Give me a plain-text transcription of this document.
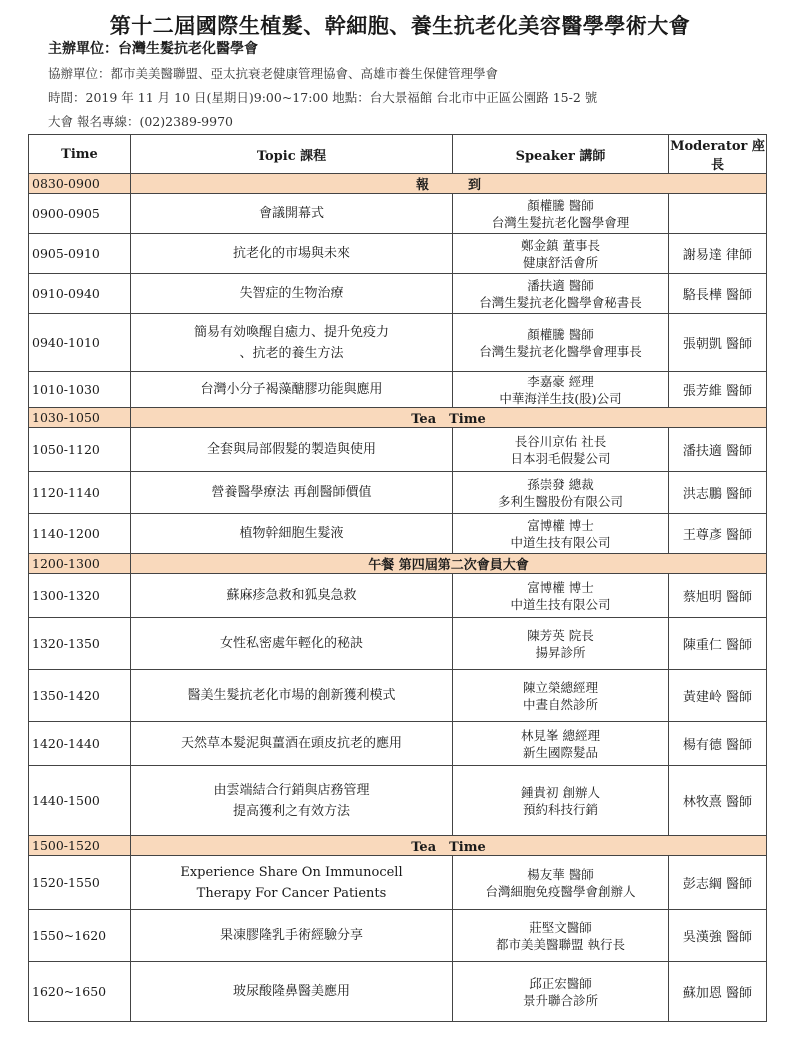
第十二屆國際生植髮、幹細胞、養生抗老化美容醫學學術大會
主辦單位：台灣生髮抗老化醫學會
協辦單位：都市美美醫聯盟、亞太抗衰老健康管理協會、高雄市養生保健管理學會
時間：2019 年 11 月 10 日(星期日)9:00~17:00 地點：台大景福館 台北市中正區公園路 15-2 號
大會 報名專線：(02)2389-9970
Time	Topic 課程	Speaker 講師	Moderator 座長
0830-0900	報　　　到		
0900-0905	會議開幕式	顏權騰 醫師
台灣生髮抗老化醫學會理	

0905-0910	抗老化的市場與未來	鄭金鎮 董事長
健康舒活會所	謝易達 律師
0910-0940	失智症的生物治療	潘扶適 醫師
台灣生髮抗老化醫學會秘書長	駱長樺 醫師
0940-1010	簡易有効喚醒自癒力、提升免疫力
、抗老的養生方法	顏權騰 醫師
台灣生髮抗老化醫學會理事長	張朝凱 醫師
1010-1030	台灣小分子褐藻醣膠功能與應用	李嘉豪 經理
中華海洋生技(股)公司	張芳維 醫師
1030-1050	Tea　Time		
1050-1120	全套與局部假髮的製造與使用	長谷川京佑 社長
日本羽毛假髮公司	潘扶適 醫師
1120-1140	營養醫學療法 再創醫師價值	孫崇發 總裁
多利生醫股份有限公司	洪志鵬 醫師
1140-1200	植物幹細胞生髮液	富博權 博士
中道生技有限公司	王尊彥 醫師
1200-1300	午餐 第四屆第二次會員大會		
1300-1320	蘇麻疹急救和狐臭急救	富博權 博士
中道生技有限公司	蔡旭明 醫師
1320-1350	女性私密處年輕化的秘訣	陳芳英 院長
揚昇診所	陳重仁 醫師
1350-1420	醫美生髮抗老化市場的創新獲利模式	陳立榮總經理
中晝自然診所	黃建岭 醫師
1420-1440	天然草本髮泥與薑酒在頭皮抗老的應用	林見峯 總經理
新生國際髮品	楊有德 醫師
1440-1500	由雲端結合行銷與店務管理
提高獲利之有效方法	鍾貴初 創辦人
預約科技行銷	林牧熹 醫師
1500-1520	Tea　Time		
1520-1550	Experience Share On Immunocell
Therapy For Cancer Patients	楊友華 醫師
台灣細胞免疫醫學會創辦人	彭志綱 醫師
1550~1620	果凍膠隆乳手術經驗分享	莊堅文醫師
都市美美醫聯盟 執行長	吳漢強 醫師
1620~1650	玻尿酸隆鼻醫美應用	邱正宏醫師
景升聯合診所	蘇加恩 醫師
